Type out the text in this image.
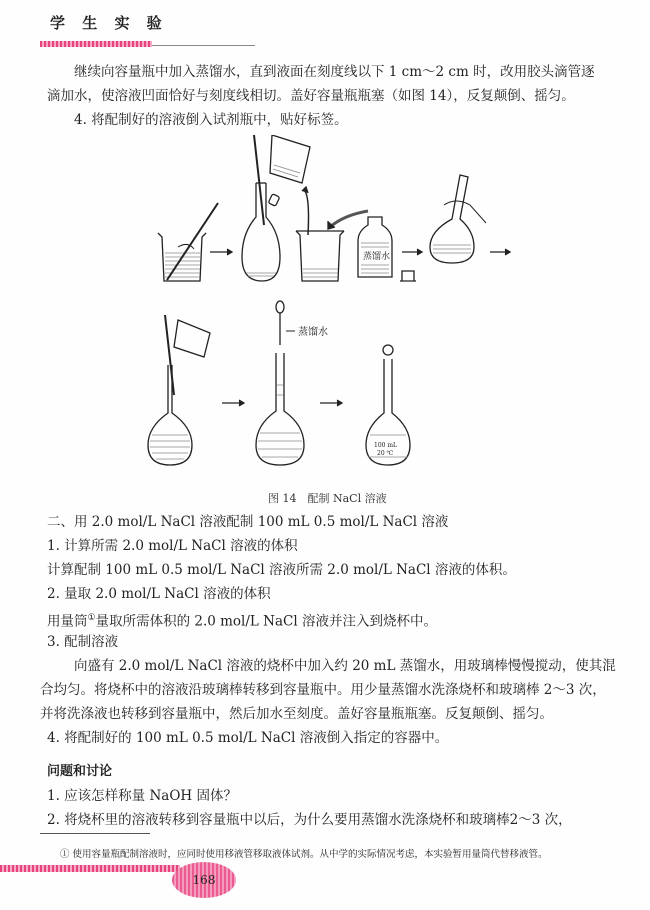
学 生 实 验
继续向容量瓶中加入蒸馏水，直到液面在刻度线以下 1 cm～2 cm 时，改用胶头滴管逐
滴加水，使溶液凹面恰好与刻度线相切。盖好容量瓶瓶塞（如图 14），反复颠倒、摇匀。
4. 将配制好的溶液倒入试剂瓶中，贴好标签。
蒸馏水
蒸馏水
100 mL
20 ℃
图 14　配制 NaCl 溶液
二、用 2.0 mol/L NaCl 溶液配制 100 mL 0.5 mol/L NaCl 溶液
1. 计算所需 2.0 mol/L NaCl 溶液的体积
计算配制 100 mL 0.5 mol/L NaCl 溶液所需 2.0 mol/L NaCl 溶液的体积。
2. 量取 2.0 mol/L NaCl 溶液的体积
用量筒①量取所需体积的 2.0 mol/L NaCl 溶液并注入到烧杯中。
3. 配制溶液
向盛有 2.0 mol/L NaCl 溶液的烧杯中加入约 20 mL 蒸馏水，用玻璃棒慢慢搅动，使其混
合均匀。将烧杯中的溶液沿玻璃棒转移到容量瓶中。用少量蒸馏水洗涤烧杯和玻璃棒 2～3 次，
并将洗涤液也转移到容量瓶中，然后加水至刻度。盖好容量瓶瓶塞。反复颠倒、摇匀。
4. 将配制好的 100 mL 0.5 mol/L NaCl 溶液倒入指定的容器中。
问题和讨论
1. 应该怎样称量 NaOH 固体？
2. 将烧杯里的溶液转移到容量瓶中以后，为什么要用蒸馏水洗涤烧杯和玻璃棒2～3 次，
① 使用容量瓶配制溶液时，应同时使用移液管移取液体试剂。从中学的实际情况考虑，本实验暂用量筒代替移液管。
168
